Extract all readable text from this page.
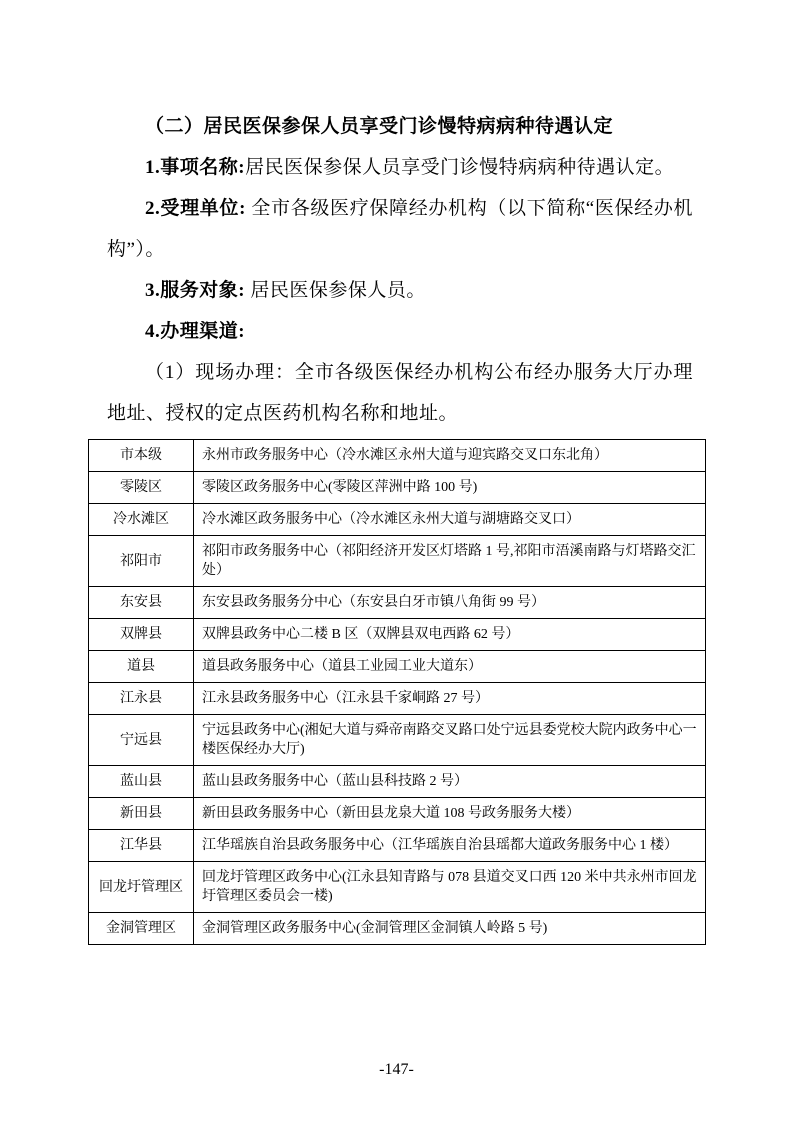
（二）居民医保参保人员享受门诊慢特病病种待遇认定

1.事项名称:居民医保参保人员享受门诊慢特病病种待遇认定。

2.受理单位: 全市各级医疗保障经办机构（以下简称“医保经办机构”）。

3.服务对象: 居民医保参保人员。

4.办理渠道:

（1）现场办理：全市各级医保经办机构公布经办服务大厅办理地址、授权的定点医药机构名称和地址。

市本级	永州市政务服务中心（冷水滩区永州大道与迎宾路交叉口东北角）
零陵区	零陵区政务服务中心(零陵区萍洲中路 100 号)
冷水滩区	冷水滩区政务服务中心（冷水滩区永州大道与湖塘路交叉口）
祁阳市	祁阳市政务服务中心（祁阳经济开发区灯塔路 1 号,祁阳市浯溪南路与灯塔路交汇处）
东安县	东安县政务服务分中心（东安县白牙市镇八角街 99 号）
双牌县	双牌县政务中心二楼 B 区（双牌县双电西路 62 号）
道县	道县政务服务中心（道县工业园工业大道东）
江永县	江永县政务服务中心（江永县千家峒路 27 号）
宁远县	宁远县政务中心(湘妃大道与舜帝南路交叉路口处宁远县委党校大院内政务中心一楼医保经办大厅)
蓝山县	蓝山县政务服务中心（蓝山县科技路 2 号）
新田县	新田县政务服务中心（新田县龙泉大道 108 号政务服务大楼）
江华县	江华瑶族自治县政务服务中心（江华瑶族自治县瑶都大道政务服务中心 1 楼）
回龙圩管理区	回龙圩管理区政务中心(江永县知青路与 078 县道交叉口西 120 米中共永州市回龙圩管理区委员会一楼)
金洞管理区	金洞管理区政务服务中心(金洞管理区金洞镇人岭路 5 号)
-147-
